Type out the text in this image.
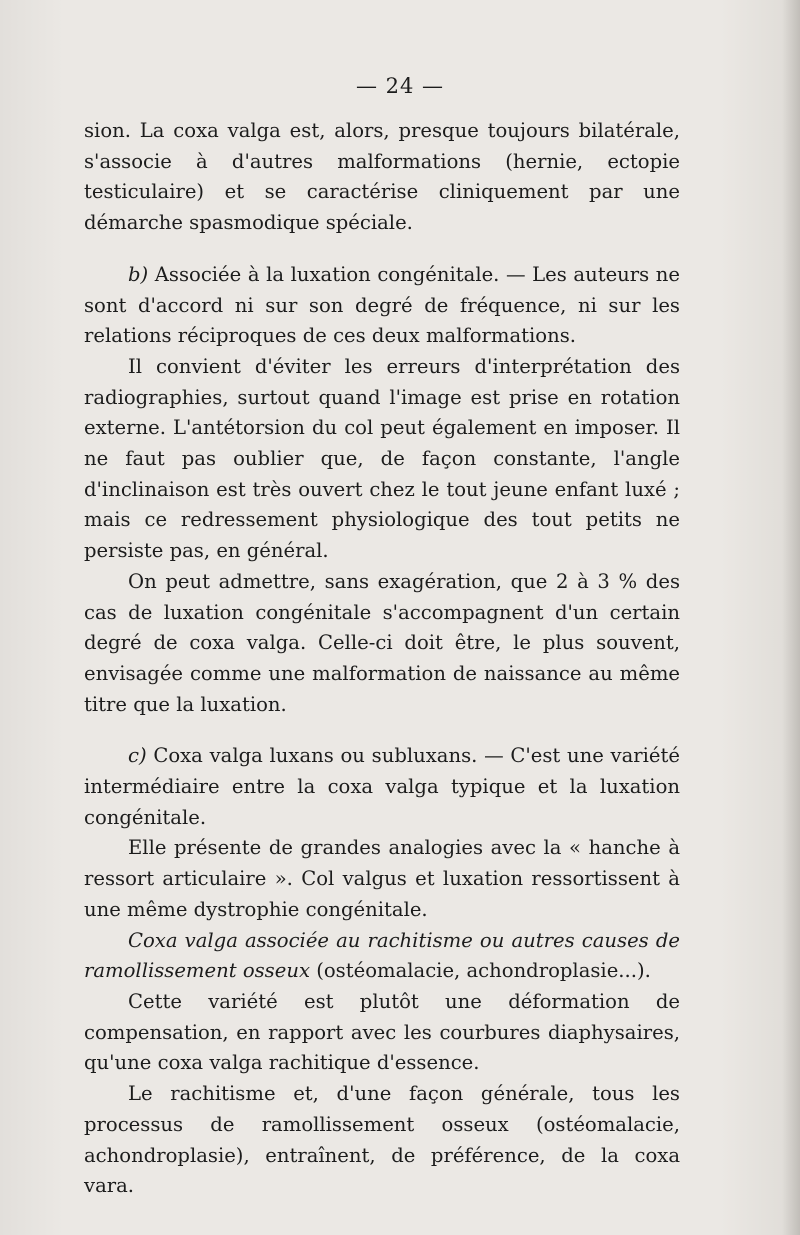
— 24 —

sion. La coxa valga est, alors, presque toujours bilatérale, s'associe à d'autres malformations (hernie, ectopie testiculaire) et se caractérise cliniquement par une démarche spasmodique spéciale.

b) Associée à la luxation congénitale. — Les auteurs ne sont d'accord ni sur son degré de fréquence, ni sur les relations réciproques de ces deux malformations.

Il convient d'éviter les erreurs d'interprétation des radiographies, surtout quand l'image est prise en rotation externe. L'antétorsion du col peut également en imposer. Il ne faut pas oublier que, de façon constante, l'angle d'inclinaison est très ouvert chez le tout jeune enfant luxé ; mais ce redressement physiologique des tout petits ne persiste pas, en général.

On peut admettre, sans exagération, que 2 à 3 % des cas de luxation congénitale s'accompagnent d'un certain degré de coxa valga. Celle-ci doit être, le plus souvent, envisagée comme une malformation de naissance au même titre que la luxation.

c) Coxa valga luxans ou subluxans. — C'est une variété intermédiaire entre la coxa valga typique et la luxation congénitale.

Elle présente de grandes analogies avec la « hanche à ressort articulaire ». Col valgus et luxation ressortissent à une même dystrophie congénitale.

Coxa valga associée au rachitisme ou autres causes de ramollissement osseux (ostéomalacie, achondroplasie...).

Cette variété est plutôt une déformation de compensation, en rapport avec les courbures diaphysaires, qu'une coxa valga rachitique d'essence.

Le rachitisme et, d'une façon générale, tous les processus de ramollissement osseux (ostéomalacie, achondroplasie), entraînent, de préférence, de la coxa vara.
